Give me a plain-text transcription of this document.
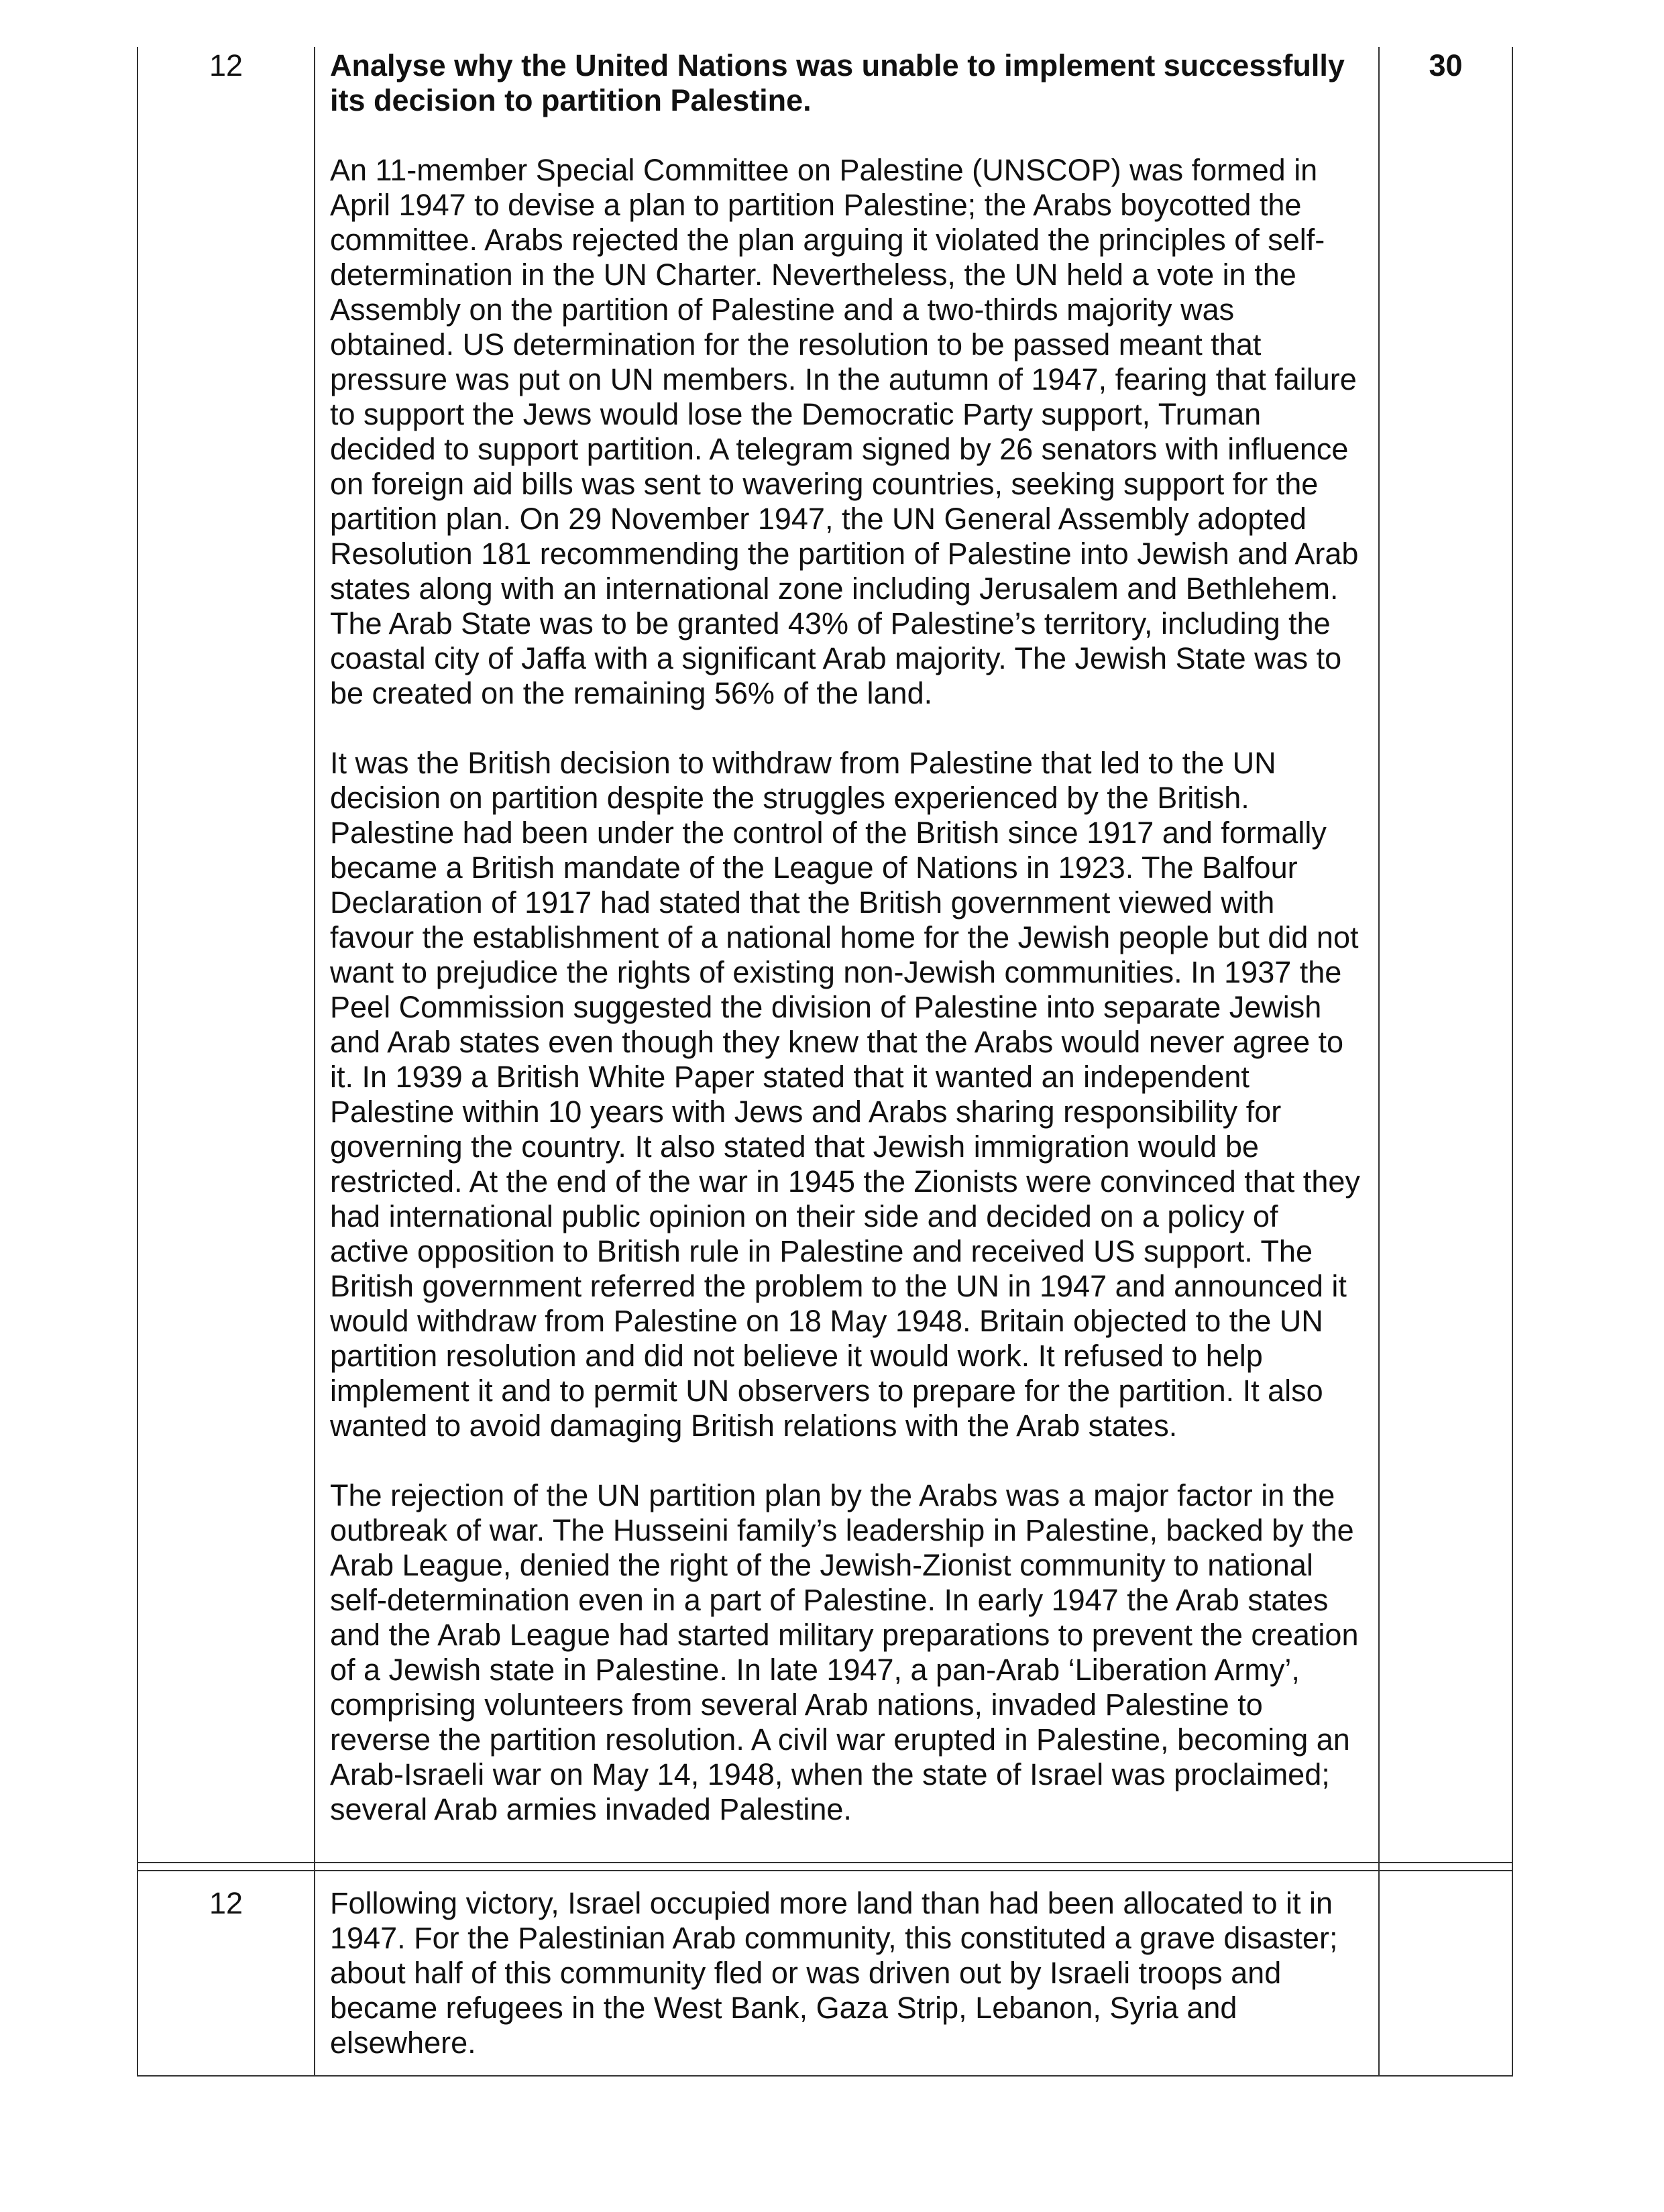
12	Analyse why the United Nations was unable to implement successfully its decision to partition Palestine.

An 11-member Special Committee on Palestine (UNSCOP) was formed in April 1947 to devise a plan to partition Palestine; the Arabs boycotted the committee. Arabs rejected the plan arguing it violated the principles of self-determination in the UN Charter. Nevertheless, the UN held a vote in the Assembly on the partition of Palestine and a two-thirds majority was obtained. US determination for the resolution to be passed meant that pressure was put on UN members. In the autumn of 1947, fearing that failure to support the Jews would lose the Democratic Party support, Truman decided to support partition. A telegram signed by 26 senators with influence on foreign aid bills was sent to wavering countries, seeking support for the partition plan. On 29 November 1947, the UN General Assembly adopted Resolution 181 recommending the partition of Palestine into Jewish and Arab states along with an international zone including Jerusalem and Bethlehem. The Arab State was to be granted 43% of Palestine’s territory, including the coastal city of Jaffa with a significant Arab majority. The Jewish State was to be created on the remaining 56% of the land.

It was the British decision to withdraw from Palestine that led to the UN decision on partition despite the struggles experienced by the British. Palestine had been under the control of the British since 1917 and formally became a British mandate of the League of Nations in 1923. The Balfour Declaration of 1917 had stated that the British government viewed with favour the establishment of a national home for the Jewish people but did not want to prejudice the rights of existing non-Jewish communities. In 1937 the Peel Commission suggested the division of Palestine into separate Jewish and Arab states even though they knew that the Arabs would never agree to it. In 1939 a British White Paper stated that it wanted an independent Palestine within 10 years with Jews and Arabs sharing responsibility for governing the country. It also stated that Jewish immigration would be restricted. At the end of the war in 1945 the Zionists were convinced that they had international public opinion on their side and decided on a policy of active opposition to British rule in Palestine and received US support. The British government referred the problem to the UN in 1947 and announced it would withdraw from Palestine on 18 May 1948. Britain objected to the UN partition resolution and did not believe it would work. It refused to help implement it and to permit UN observers to prepare for the partition. It also wanted to avoid damaging British relations with the Arab states.

The rejection of the UN partition plan by the Arabs was a major factor in the outbreak of war. The Husseini family’s leadership in Palestine, backed by the Arab League, denied the right of the Jewish-Zionist community to national self-determination even in a part of Palestine. In early 1947 the Arab states and the Arab League had started military preparations to prevent the creation of a Jewish state in Palestine. In late 1947, a pan-Arab ‘Liberation Army’, comprising volunteers from several Arab nations, invaded Palestine to reverse the partition resolution. A civil war erupted in Palestine, becoming an Arab-Israeli war on May 14, 1948, when the state of Israel was proclaimed; several Arab armies invaded Palestine.	30

12	Following victory, Israel occupied more land than had been allocated to it in 1947. For the Palestinian Arab community, this constituted a grave disaster; about half of this community fled or was driven out by Israeli troops and became refugees in the West Bank, Gaza Strip, Lebanon, Syria and elsewhere.	
